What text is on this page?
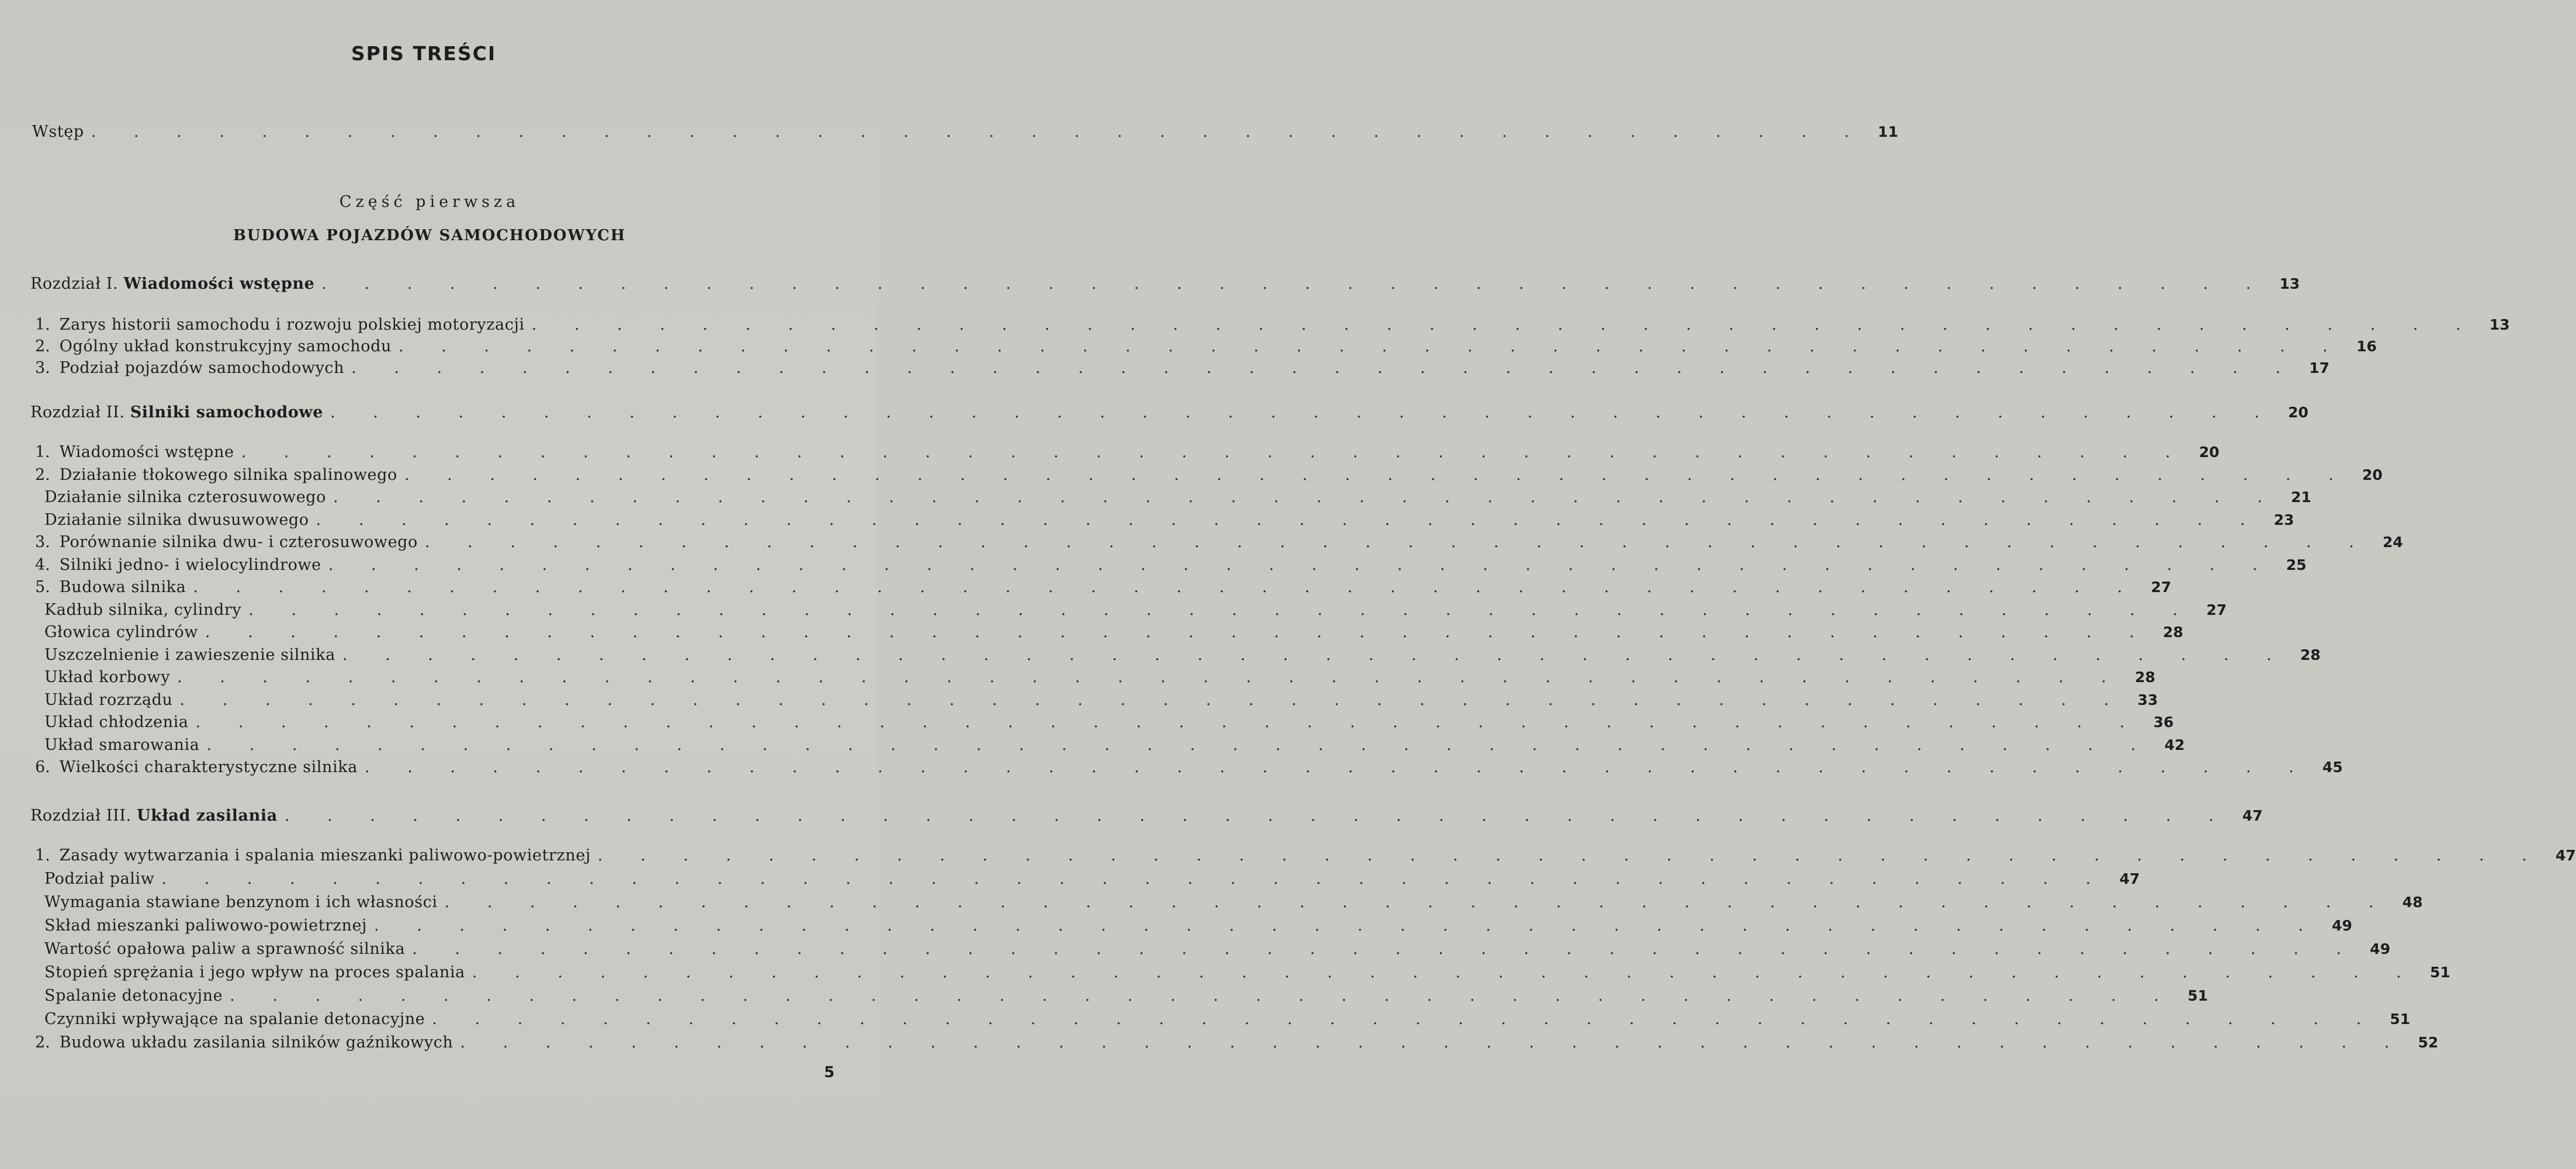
SPIS TREŚCI
Wstęp . . . . . . . . . . . . . . . . . . . . . . . . . . . . . . . . . . . . . . . . . . 11
Część pierwsza
BUDOWA POJAZDÓW SAMOCHODOWYCH
Rozdział I. Wiadomości wstępne . . . . . . . . . . . . . . . . . . . . . . . . . . . . . . . . . . . . . . . . . . . . . . 13
1. Zarys historii samochodu i rozwoju polskiej motoryzacji . . . . . . . . . . . . . . . . . . . . . . . . . . . . . . . . . . . . . . . . . . . . . . 13
2. Ogólny układ konstrukcyjny samochodu . . . . . . . . . . . . . . . . . . . . . . . . . . . . . . . . . . . . . . . . . . . . . . 16
3. Podział pojazdów samochodowych . . . . . . . . . . . . . . . . . . . . . . . . . . . . . . . . . . . . . . . . . . . . . . 17
Rozdział II. Silniki samochodowe . . . . . . . . . . . . . . . . . . . . . . . . . . . . . . . . . . . . . . . . . . . . . . 20
1. Wiadomości wstępne . . . . . . . . . . . . . . . . . . . . . . . . . . . . . . . . . . . . . . . . . . . . . . 20
2. Działanie tłokowego silnika spalinowego . . . . . . . . . . . . . . . . . . . . . . . . . . . . . . . . . . . . . . . . . . . . . . 20
Działanie silnika czterosuwowego . . . . . . . . . . . . . . . . . . . . . . . . . . . . . . . . . . . . . . . . . . . . . . 21
Działanie silnika dwusuwowego . . . . . . . . . . . . . . . . . . . . . . . . . . . . . . . . . . . . . . . . . . . . . . 23
3. Porównanie silnika dwu- i czterosuwowego . . . . . . . . . . . . . . . . . . . . . . . . . . . . . . . . . . . . . . . . . . . . . . 24
4. Silniki jedno- i wielocylindrowe . . . . . . . . . . . . . . . . . . . . . . . . . . . . . . . . . . . . . . . . . . . . . . 25
5. Budowa silnika . . . . . . . . . . . . . . . . . . . . . . . . . . . . . . . . . . . . . . . . . . . . . . 27
Kadłub silnika, cylindry . . . . . . . . . . . . . . . . . . . . . . . . . . . . . . . . . . . . . . . . . . . . . . 27
Głowica cylindrów . . . . . . . . . . . . . . . . . . . . . . . . . . . . . . . . . . . . . . . . . . . . . . 28
Uszczelnienie i zawieszenie silnika . . . . . . . . . . . . . . . . . . . . . . . . . . . . . . . . . . . . . . . . . . . . . . 28
Układ korbowy . . . . . . . . . . . . . . . . . . . . . . . . . . . . . . . . . . . . . . . . . . . . . . 28
Układ rozrządu . . . . . . . . . . . . . . . . . . . . . . . . . . . . . . . . . . . . . . . . . . . . . . 33
Układ chłodzenia . . . . . . . . . . . . . . . . . . . . . . . . . . . . . . . . . . . . . . . . . . . . . . 36
Układ smarowania . . . . . . . . . . . . . . . . . . . . . . . . . . . . . . . . . . . . . . . . . . . . . . 42
6. Wielkości charakterystyczne silnika . . . . . . . . . . . . . . . . . . . . . . . . . . . . . . . . . . . . . . . . . . . . . . 45
Rozdział III. Układ zasilania . . . . . . . . . . . . . . . . . . . . . . . . . . . . . . . . . . . . . . . . . . . . . . 47
1. Zasady wytwarzania i spalania mieszanki paliwowo-powietrznej . . . . . . . . . . . . . . . . . . . . . . . . . . . . . . . . . . . . . . . . . . . . . . 47
Podział paliw . . . . . . . . . . . . . . . . . . . . . . . . . . . . . . . . . . . . . . . . . . . . . . 47
Wymagania stawiane benzynom i ich własności . . . . . . . . . . . . . . . . . . . . . . . . . . . . . . . . . . . . . . . . . . . . . . 48
Skład mieszanki paliwowo-powietrznej . . . . . . . . . . . . . . . . . . . . . . . . . . . . . . . . . . . . . . . . . . . . . . 49
Wartość opałowa paliw a sprawność silnika . . . . . . . . . . . . . . . . . . . . . . . . . . . . . . . . . . . . . . . . . . . . . . 49
Stopień sprężania i jego wpływ na proces spalania . . . . . . . . . . . . . . . . . . . . . . . . . . . . . . . . . . . . . . . . . . . . . . 51
Spalanie detonacyjne . . . . . . . . . . . . . . . . . . . . . . . . . . . . . . . . . . . . . . . . . . . . . . 51
Czynniki wpływające na spalanie detonacyjne . . . . . . . . . . . . . . . . . . . . . . . . . . . . . . . . . . . . . . . . . . . . . . 51
2. Budowa układu zasilania silników gaźnikowych . . . . . . . . . . . . . . . . . . . . . . . . . . . . . . . . . . . . . . . . . . . . . . 52
5
